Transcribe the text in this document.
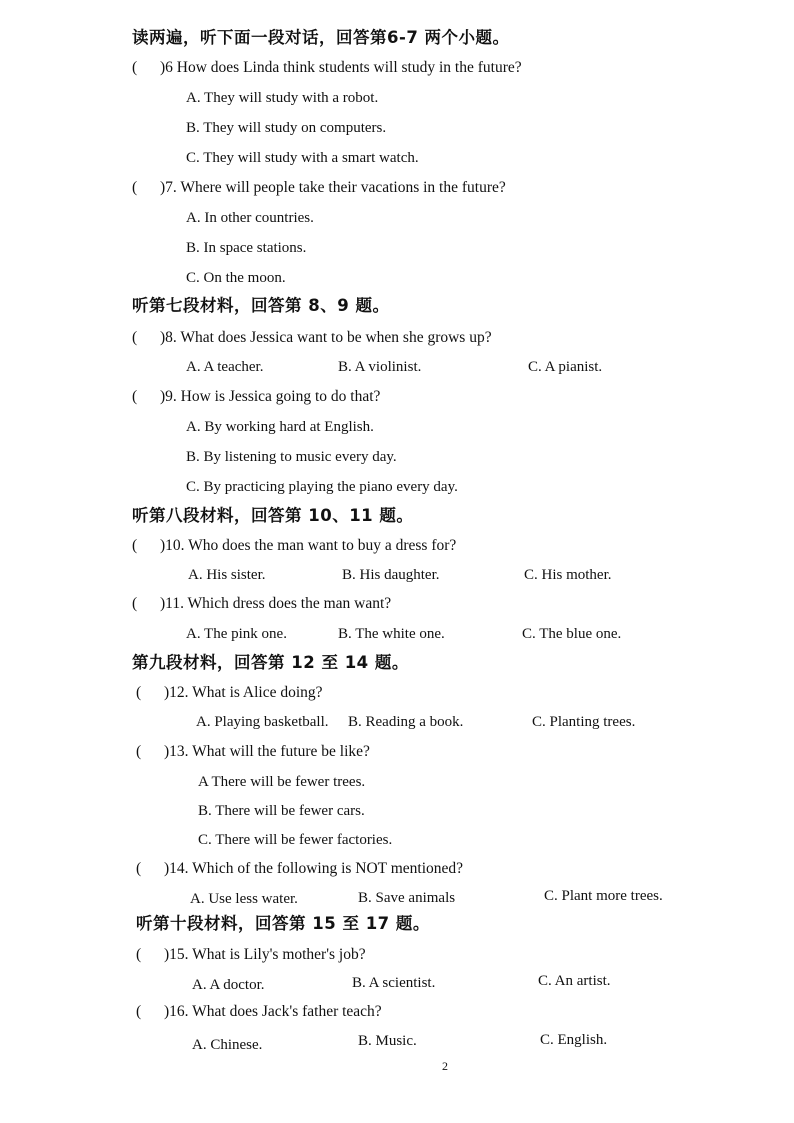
读两遍，听下面一段对话，回答第6-7 两个小题。
(	)6 How does Linda think students will study in the future?
A. They will study with a robot.
B. They will study on computers.
C. They will study with a smart watch.
(	)7. Where will people take their vacations in the future?
A. In other countries.
B. In space stations.
C. On the moon.
听第七段材料，回答第 8、9 题。
(	)8. What does Jessica want to be when she grows up?
A. A teacher.	B. A violinist.	C. A pianist.
(	)9. How is Jessica going to do that?
A. By working hard at English.
B. By listening to music every day.
C. By practicing playing the piano every day.
听第八段材料，回答第 10、11 题。
(	)10. Who does the man want to buy a dress for?
A. His sister.	B. His daughter.	C. His mother.
(	)11. Which dress does the man want?
A. The pink one.	B. The white one.	C. The blue one.
第九段材料，回答第 12 至 14 题。
(	)12. What is Alice doing?
A. Playing basketball. B. Reading a book.	C. Planting trees.
(	)13. What will the future be like?
A There will be fewer trees.
B. There will be fewer cars.
C. There will be fewer factories.
(	)14. Which of the following is NOT mentioned?
A. Use less water.	B. Save animals	C. Plant more trees.
听第十段材料，回答第 15 至 17 题。
(	)15. What is Lily's mother's job?
A. A doctor.	B. A scientist.	C. An artist.
(	)16. What does Jack's father teach?
A. Chinese.	B. Music.	C. English.
2
